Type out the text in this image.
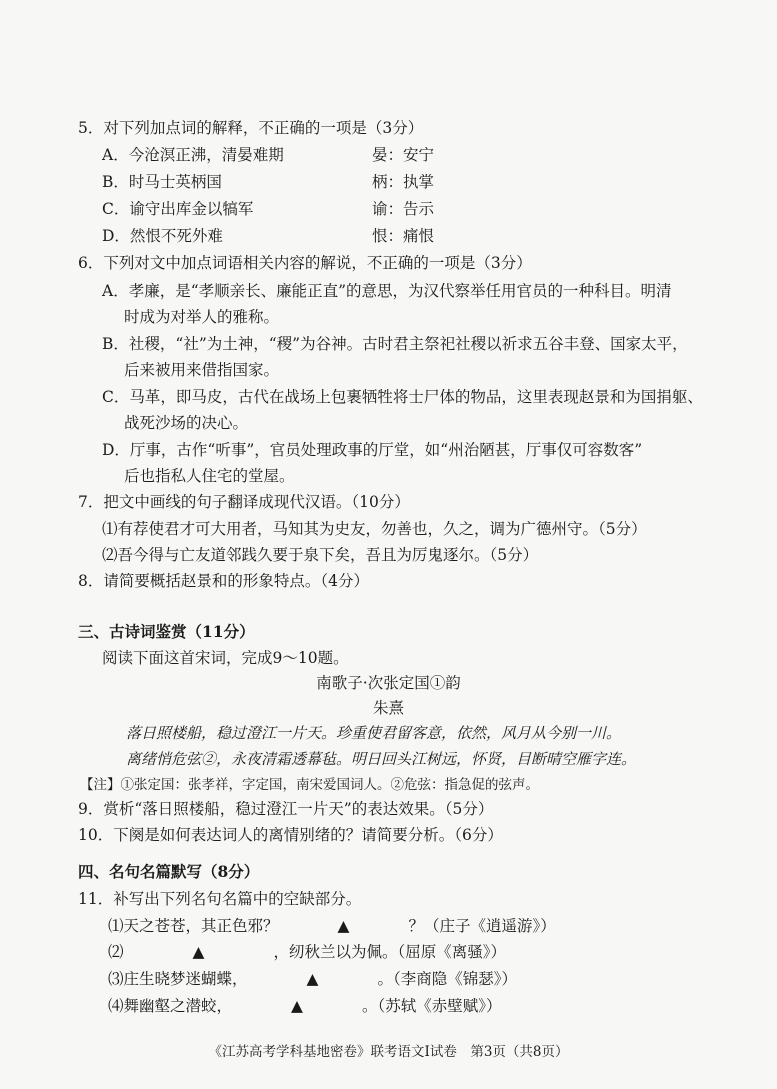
5．对下列加点词的解释，不正确的一项是（3分）
A．今沧溟正沸，清晏难期	晏：安宁
B．时马士英柄国	柄：执掌
C．谕守出库金以犒军	谕：告示
D．然恨不死外难	恨：痛恨
6．下列对文中加点词语相关内容的解说，不正确的一项是（3分）
A．孝廉，是“孝顺亲长、廉能正直”的意思，为汉代察举任用官员的一种科目。明清
时成为对举人的雅称。
B．社稷，“社”为土神，“稷”为谷神。古时君主祭祀社稷以祈求五谷丰登、国家太平，
后来被用来借指国家。
C．马革，即马皮，古代在战场上包裹牺牲将士尸体的物品，这里表现赵景和为国捐躯、
战死沙场的决心。
D．厅事，古作“听事”，官员处理政事的厅堂，如“州治陋甚，厅事仅可容数客”
后也指私人住宅的堂屋。
7．把文中画线的句子翻译成现代汉语。（10分）
⑴有荐使君才可大用者，马知其为史友，勿善也，久之，调为广德州守。（5分）
⑵吾今得与亡友道邻践久要于泉下矣，吾且为厉鬼逐尔。（5分）
8．请简要概括赵景和的形象特点。（4分）
三、古诗词鉴赏（11分）
阅读下面这首宋词，完成9～10题。
南歌子·次张定国①韵
朱熹
落日照楼船，稳过澄江一片天。珍重使君留客意，依然，风月从今别一川。
离绪悄危弦②，永夜清霜透幕毡。明日回头江树远，怀贤，目断晴空雁字连。
【注】①张定国：张孝祥，字定国，南宋爱国词人。②危弦：指急促的弦声。
9．赏析“落日照楼船，稳过澄江一片天”的表达效果。（5分）
10．下阕是如何表达词人的离情别绪的？请简要分析。（6分）
四、名句名篇默写（8分）
11．补写出下列名句名篇中的空缺部分。
⑴天之苍苍，其正色邪？	▲	？（庄子《逍遥游》）
⑵	▲	，纫秋兰以为佩。（屈原《离骚》）
⑶庄生晓梦迷蝴蝶，	▲	。（李商隐《锦瑟》）
⑷舞幽壑之潜蛟，	▲	。（苏轼《赤壁赋》）
《江苏高考学科基地密卷》联考语文Ⅰ试卷　第3页（共8页）
